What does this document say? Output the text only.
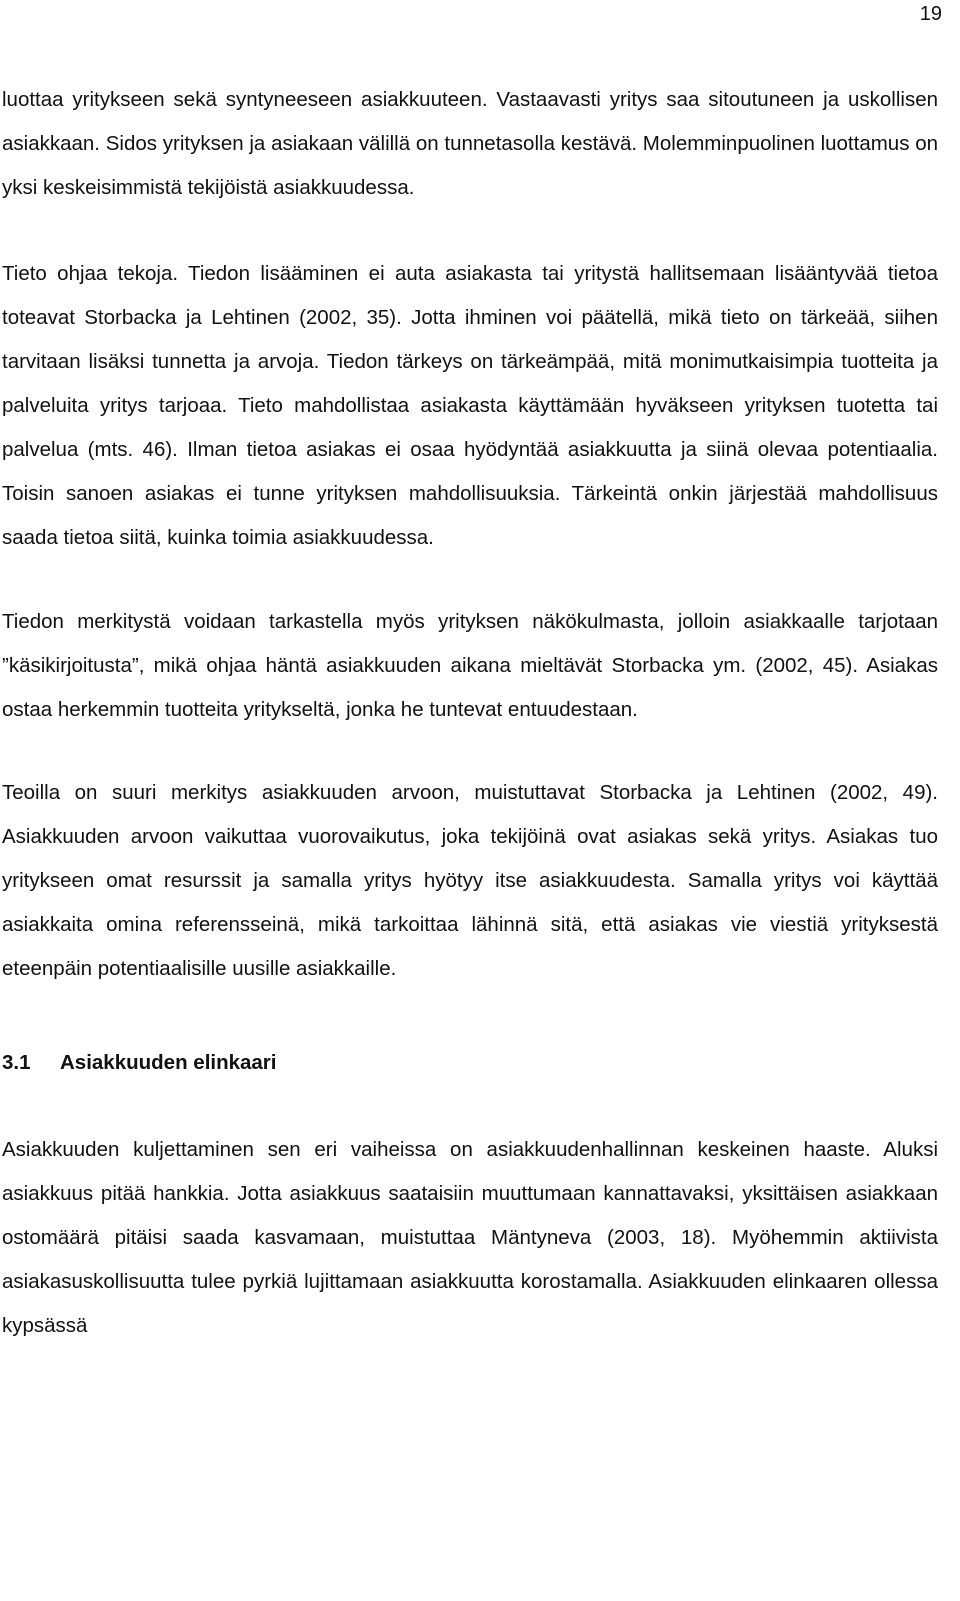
19

luottaa yritykseen sekä syntyneeseen asiakkuuteen. Vastaavasti yritys saa sitoutuneen ja uskollisen asiakkaan. Sidos yrityksen ja asiakaan välillä on tunnetasolla kestävä. Molemminpuolinen luottamus on yksi keskeisimmistä tekijöistä asiakkuudessa.

Tieto ohjaa tekoja. Tiedon lisääminen ei auta asiakasta tai yritystä hallitsemaan lisääntyvää tietoa toteavat Storbacka ja Lehtinen (2002, 35). Jotta ihminen voi päätellä, mikä tieto on tärkeää, siihen tarvitaan lisäksi tunnetta ja arvoja. Tiedon tärkeys on tärkeämpää, mitä monimutkaisimpia tuotteita ja palveluita yritys tarjoaa. Tieto mahdollistaa asiakasta käyttämään hyväkseen yrityksen tuotetta tai palvelua (mts. 46). Ilman tietoa asiakas ei osaa hyödyntää asiakkuutta ja siinä olevaa potentiaalia. Toisin sanoen asiakas ei tunne yrityksen mahdollisuuksia. Tärkeintä onkin järjestää mahdollisuus saada tietoa siitä, kuinka toimia asiakkuudessa.

Tiedon merkitystä voidaan tarkastella myös yrityksen näkökulmasta, jolloin asiakkaalle tarjotaan ”käsikirjoitusta”, mikä ohjaa häntä asiakkuuden aikana mieltävät Storbacka ym. (2002, 45). Asiakas ostaa herkemmin tuotteita yritykseltä, jonka he tuntevat entuudestaan.

Teoilla on suuri merkitys asiakkuuden arvoon, muistuttavat Storbacka ja Lehtinen (2002, 49). Asiakkuuden arvoon vaikuttaa vuorovaikutus, joka tekijöinä ovat asiakas sekä yritys. Asiakas tuo yritykseen omat resurssit ja samalla yritys hyötyy itse asiakkuudesta. Samalla yritys voi käyttää asiakkaita omina referensseinä, mikä tarkoittaa lähinnä sitä, että asiakas vie viestiä yrityksestä eteenpäin potentiaalisille uusille asiakkaille.

3.1 Asiakkuuden elinkaari

Asiakkuuden kuljettaminen sen eri vaiheissa on asiakkuudenhallinnan keskeinen haaste. Aluksi asiakkuus pitää hankkia. Jotta asiakkuus saataisiin muuttumaan kannattavaksi, yksittäisen asiakkaan ostomäärä pitäisi saada kasvamaan, muistuttaa Mäntyneva (2003, 18). Myöhemmin aktiivista asiakasuskollisuutta tulee pyrkiä lujittamaan asiakkuutta korostamalla. Asiakkuuden elinkaaren ollessa kypsässä
